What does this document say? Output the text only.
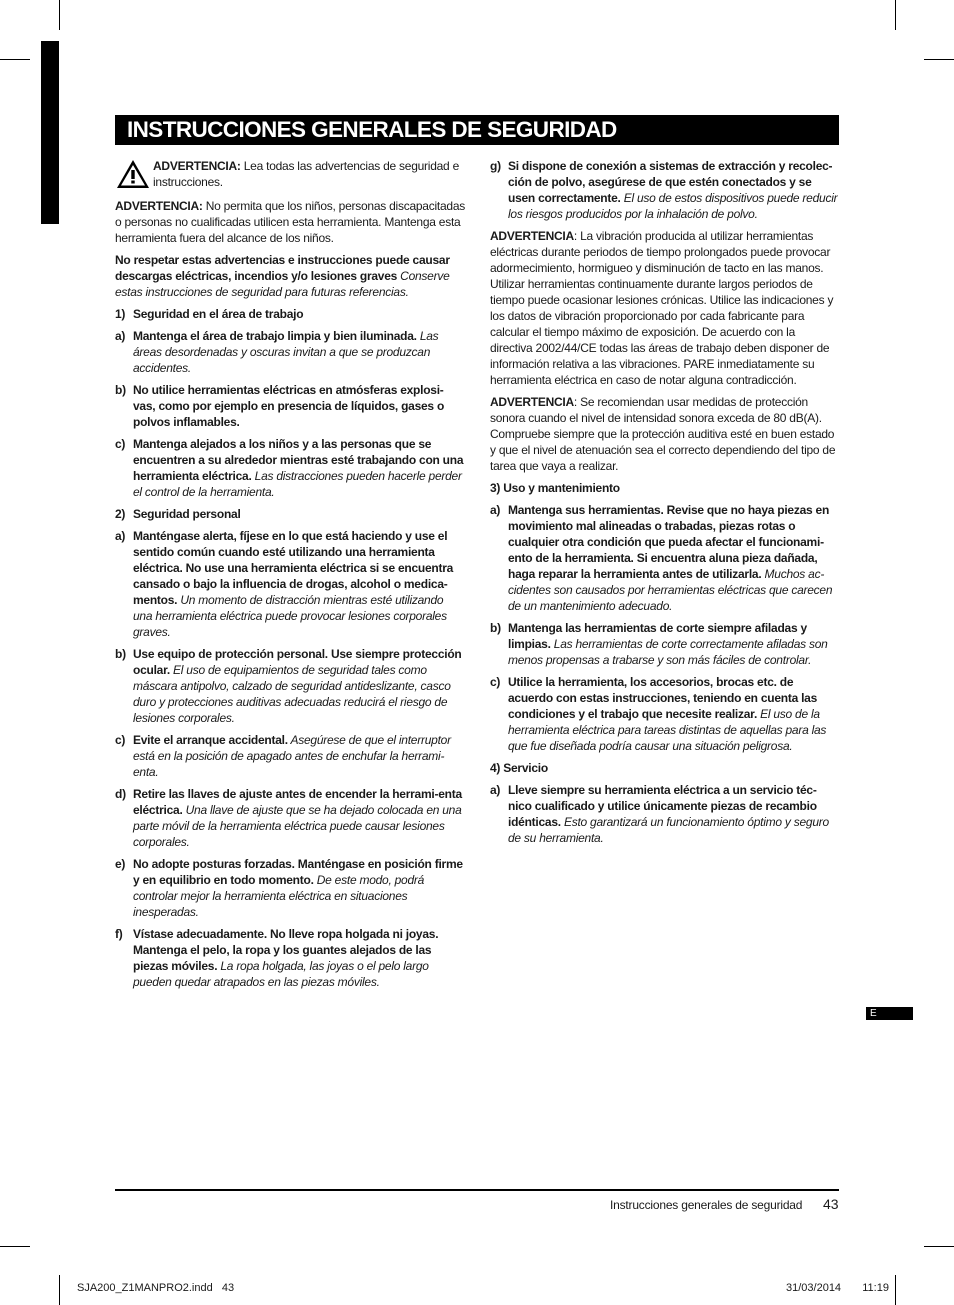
INSTRUCCIONES GENERALES DE SEGURIDAD
ADVERTENCIA: Lea todas las advertencias de seguridad e instrucciones.

ADVERTENCIA: No permita que los niños, personas discapacitadas o personas no cualificadas utilicen esta herramienta. Mantenga esta herramienta fuera del alcance de los niños.

No respetar estas advertencias e instrucciones puede causar descargas eléctricas, incendios y/o lesiones graves Conserve estas instrucciones de seguridad para futuras referencias.

1) Seguridad en el área de trabajo
a) Mantenga el área de trabajo limpia y bien iluminada. Las áreas desordenadas y oscuras invitan a que se produzcan accidentes.
b) No utilice herramientas eléctricas en atmósferas explosi-vas, como por ejemplo en presencia de líquidos, gases o polvos inflamables.
c) Mantenga alejados a los niños y a las personas que se encuentren a su alrededor mientras esté trabajando con una herramienta eléctrica. Las distracciones pueden hacerle perder el control de la herramienta.
2) Seguridad personal
a) Manténgase alerta, fíjese en lo que está haciendo y use el sentido común cuando esté utilizando una herramienta eléctrica. No use una herramienta eléctrica si se encuentra cansado o bajo la influencia de drogas, alcohol o medica-mentos. Un momento de distracción mientras esté utilizando una herramienta eléctrica puede provocar lesiones corporales graves.
b) Use equipo de protección personal. Use siempre protección ocular. El uso de equipamientos de seguridad tales como máscara antipolvo, calzado de seguridad antideslizante, casco duro y protecciones auditivas adecuadas reducirá el riesgo de lesiones corporales.
c) Evite el arranque accidental. Asegúrese de que el interruptor está en la posición de apagado antes de enchufar la herrami-enta.
d) Retire las llaves de ajuste antes de encender la herrami-enta eléctrica. Una llave de ajuste que se ha dejado colocada en una parte móvil de la herramienta eléctrica puede causar lesiones corporales.
e) No adopte posturas forzadas. Manténgase en posición firme y en equilibrio en todo momento. De este modo, podrá controlar mejor la herramienta eléctrica en situaciones inesperadas.
f) Vístase adecuadamente. No lleve ropa holgada ni joyas. Mantenga el pelo, la ropa y los guantes alejados de las piezas móviles. La ropa holgada, las joyas o el pelo largo pueden quedar atrapados en las piezas móviles.
g) Si dispone de conexión a sistemas de extracción y recolec-ción de polvo, asegúrese de que estén conectados y se usen correctamente. El uso de estos dispositivos puede reducir los riesgos producidos por la inhalación de polvo.

ADVERTENCIA: La vibración producida al utilizar herramientas eléctricas durante periodos de tiempo prolongados puede provocar adormecimiento, hormigueo y disminución de tacto en las manos. Utilizar herramientas continuamente durante largos periodos de tiempo puede ocasionar lesiones crónicas. Utilice las indicaciones y los datos de vibración proporcionado por cada fabricante para calcular el tiempo máximo de exposición. De acuerdo con la directiva 2002/44/CE todas las áreas de trabajo deben disponer de información relativa a las vibraciones. PARE inmediatamente su herramienta eléctrica en caso de notar alguna contradicción.

ADVERTENCIA: Se recomiendan usar medidas de protección sonora cuando el nivel de intensidad sonora exceda de 80 dB(A). Compruebe siempre que la protección auditiva esté en buen estado y que el nivel de atenuación sea el correcto dependiendo del tipo de tarea que vaya a realizar.

3) Uso y mantenimiento

a) Mantenga sus herramientas. Revise que no haya piezas en movimiento mal alineadas o trabadas, piezas rotas o cualquier otra condición que pueda afectar el funcionami-ento de la herramienta. Si encuentra aluna pieza dañada, haga reparar la herramienta antes de utilizarla. Muchos ac-cidentes son causados por herramientas eléctricas que carecen de un mantenimiento adecuado.
b) Mantenga las herramientas de corte siempre afiladas y limpias. Las herramientas de corte correctamente afiladas son menos propensas a trabarse y son más fáciles de controlar.
c) Utilice la herramienta, los accesorios, brocas etc. de acuerdo con estas instrucciones, teniendo en cuenta las condiciones y el trabajo que necesite realizar. El uso de la herramienta eléctrica para tareas distintas de aquellas para las que fue diseñada podría causar una situación peligrosa.

4) Servicio

a) Lleve siempre su herramienta eléctrica a un servicio téc-nico cualificado y utilice únicamente piezas de recambio idénticas. Esto garantizará un funcionamiento óptimo y seguro de su herramienta.
E
Instrucciones generales de seguridad 43
SJA200_Z1MANPRO2.indd   43	31/03/2014   11:19
